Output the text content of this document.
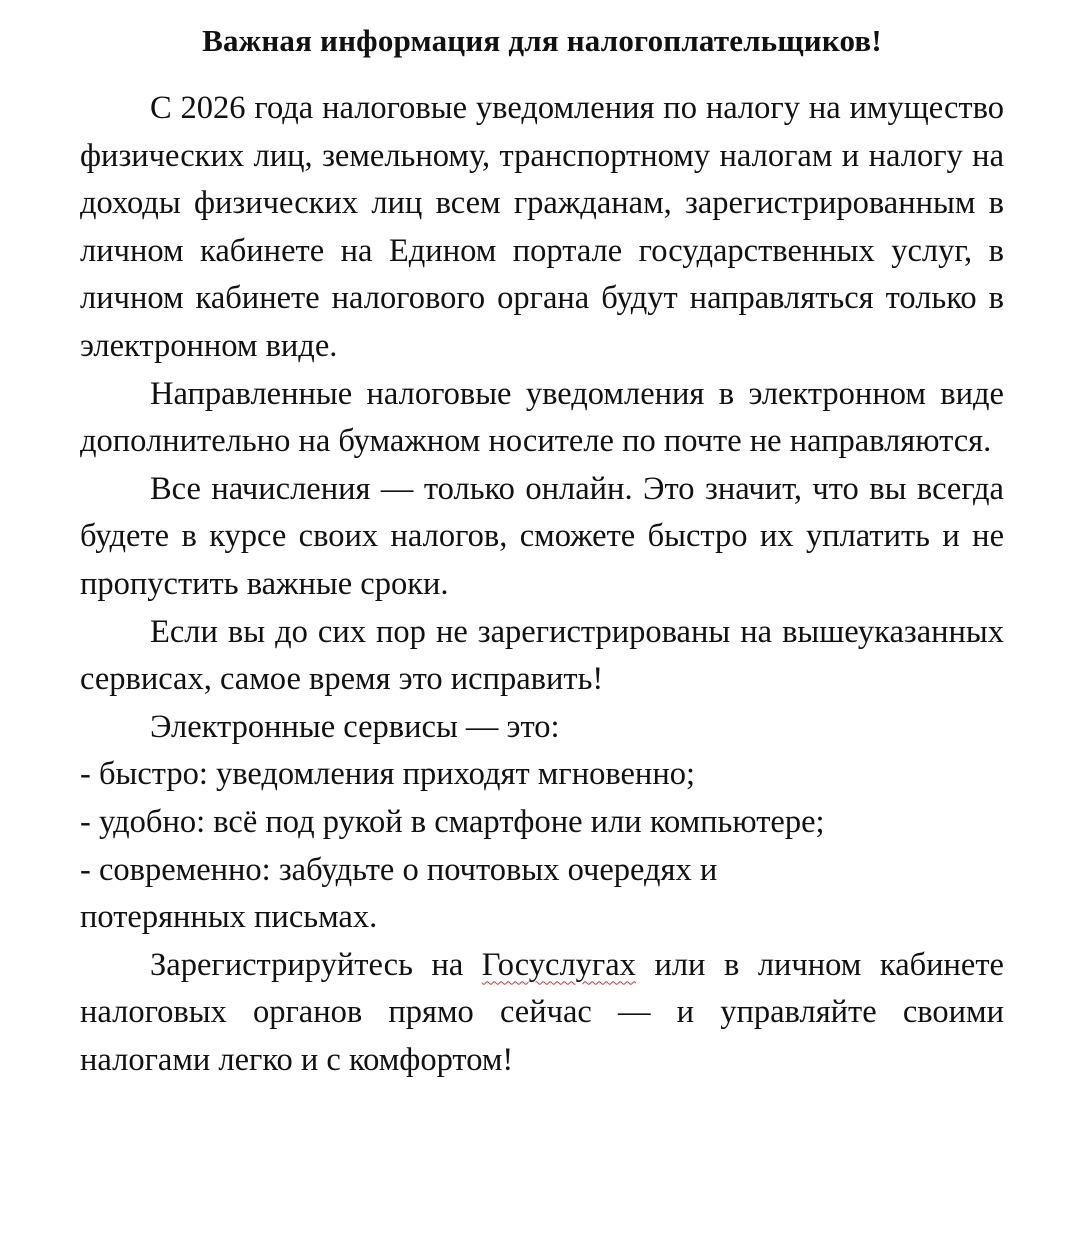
Важная информация для налогоплательщиков!

С 2026 года налоговые уведомления по налогу на имущество физических лиц, земельному, транспортному налогам и налогу на доходы физических лиц всем гражданам, зарегистрированным в личном кабинете на Едином портале государственных услуг, в личном кабинете налогового органа будут направляться только в электронном виде.

Направленные налоговые уведомления в электронном виде дополнительно на бумажном носителе по почте не направляются.

Все начисления — только онлайн. Это значит, что вы всегда будете в курсе своих налогов, сможете быстро их уплатить и не пропустить важные сроки.

Если вы до сих пор не зарегистрированы на вышеуказанных сервисах, самое время это исправить!

Электронные сервисы — это:

- быстро: уведомления приходят мгновенно;

- удобно: всё под рукой в смартфоне или компьютере;

- современно: забудьте о почтовых очередях и
потерянных письмах.

Зарегистрируйтесь на Госуслугах или в личном кабинете налоговых органов прямо сейчас — и управляйте своими налогами легко и с комфортом!
